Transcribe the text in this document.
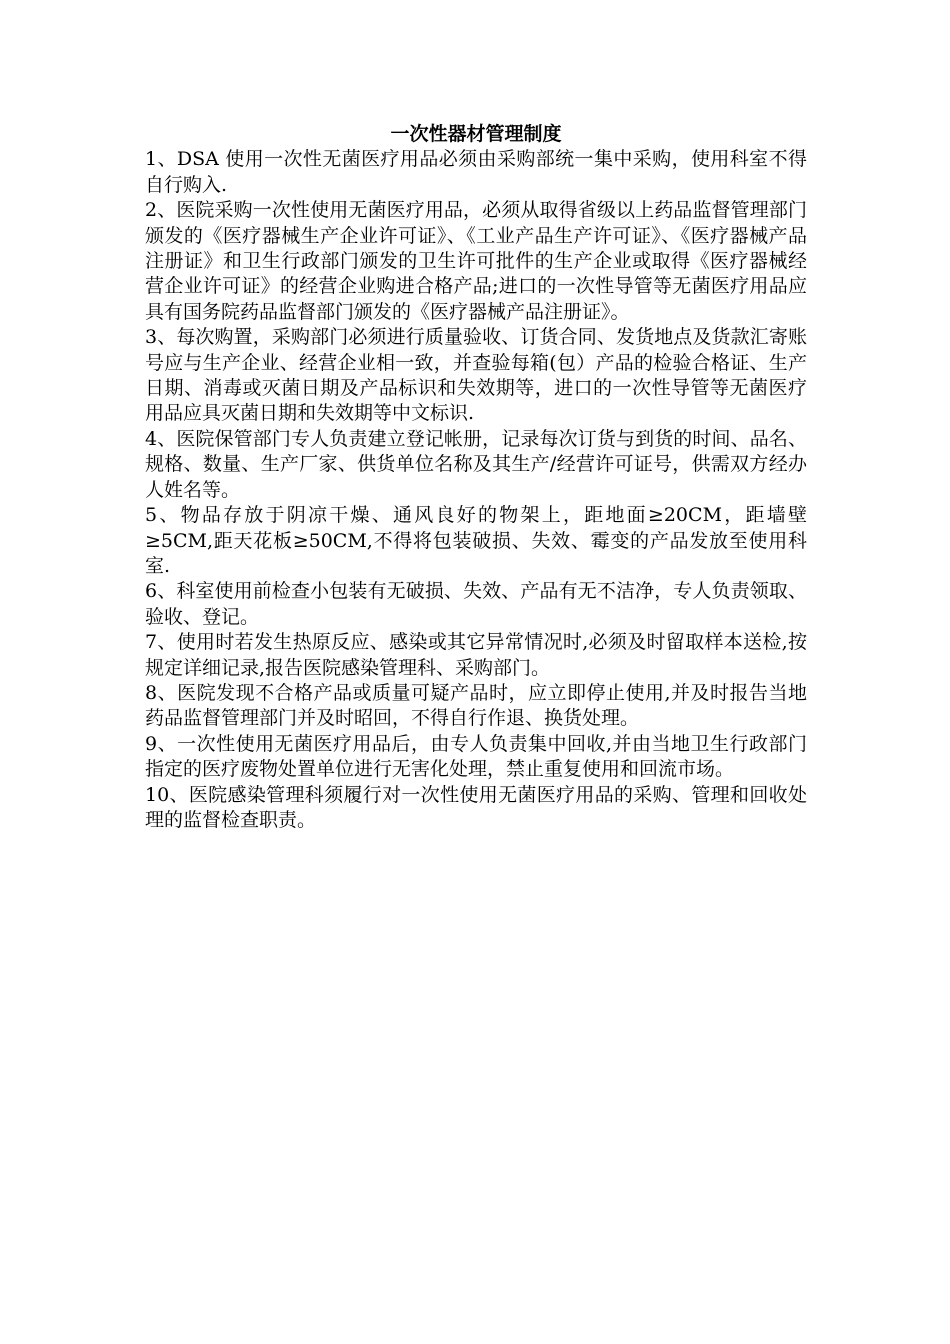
一次性器材管理制度

1、DSA 使用一次性无菌医疗用品必须由采购部统一集中采购，使用科室不得自行购入.

2、医院采购一次性使用无菌医疗用品，必须从取得省级以上药品监督管理部门颁发的《医疗器械生产企业许可证》、《工业产品生产许可证》、《医疗器械产品注册证》和卫生行政部门颁发的卫生许可批件的生产企业或取得《医疗器械经营企业许可证》的经营企业购进合格产品;进口的一次性导管等无菌医疗用品应具有国务院药品监督部门颁发的《医疗器械产品注册证》。

3、每次购置，采购部门必须进行质量验收、订货合同、发货地点及货款汇寄账号应与生产企业、经营企业相一致，并查验每箱(包）产品的检验合格证、生产日期、消毒或灭菌日期及产品标识和失效期等，进口的一次性导管等无菌医疗用品应具灭菌日期和失效期等中文标识.

4、医院保管部门专人负责建立登记帐册，记录每次订货与到货的时间、品名、规格、数量、生产厂家、供货单位名称及其生产/经营许可证号，供需双方经办人姓名等。

5、物品存放于阴凉干燥、通风良好的物架上，距地面≥20CM，距墙壁≥5CM,距天花板≥50CM,不得将包装破损、失效、霉变的产品发放至使用科室.

6、科室使用前检查小包装有无破损、失效、产品有无不洁净，专人负责领取、验收、登记。

7、使用时若发生热原反应、感染或其它异常情况时,必须及时留取样本送检,按规定详细记录,报告医院感染管理科、采购部门。

8、医院发现不合格产品或质量可疑产品时，应立即停止使用,并及时报告当地药品监督管理部门并及时昭回，不得自行作退、换货处理。

9、一次性使用无菌医疗用品后，由专人负责集中回收,并由当地卫生行政部门指定的医疗废物处置单位进行无害化处理，禁止重复使用和回流市场。

10、医院感染管理科须履行对一次性使用无菌医疗用品的采购、管理和回收处理的监督检查职责。
